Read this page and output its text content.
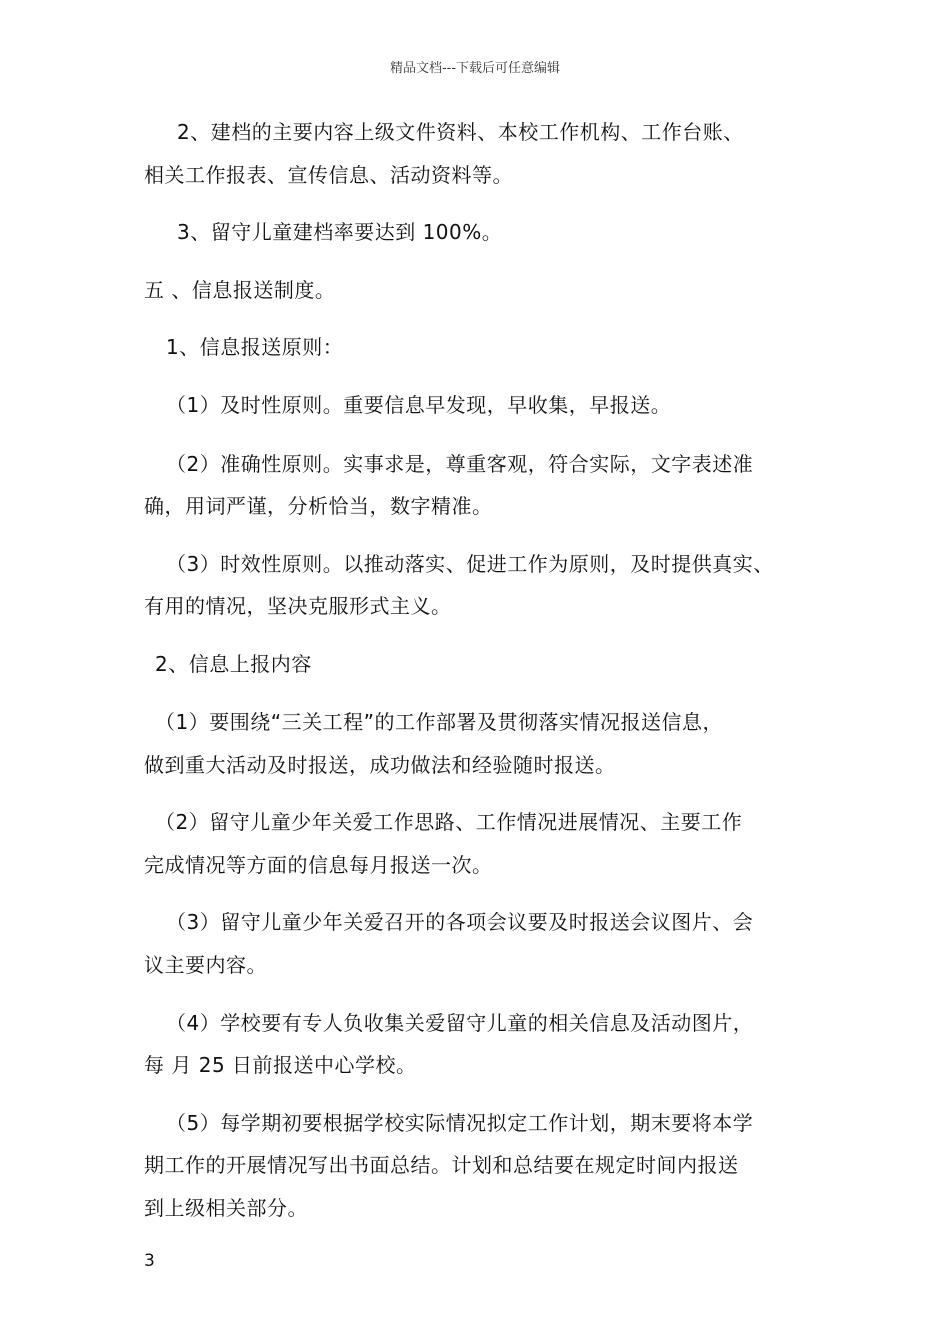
精品文档---下载后可任意编辑
2、建档的主要内容上级文件资料、本校工作机构、工作台账、
相关工作报表、宣传信息、活动资料等。
3、留守儿童建档率要达到 100%。
五 、信息报送制度。
1、信息报送原则：
（1）及时性原则。重要信息早发现，早收集，早报送。
（2）准确性原则。实事求是，尊重客观，符合实际，文字表述准
确，用词严谨，分析恰当，数字精准。
（3）时效性原则。以推动落实、促进工作为原则，及时提供真实、
有用的情况，坚决克服形式主义。
2、信息上报内容
（1）要围绕“三关工程”的工作部署及贯彻落实情况报送信息，
做到重大活动及时报送，成功做法和经验随时报送。
（2）留守儿童少年关爱工作思路、工作情况进展情况、主要工作
完成情况等方面的信息每月报送一次。
（3）留守儿童少年关爱召开的各项会议要及时报送会议图片、会
议主要内容。
（4）学校要有专人负收集关爱留守儿童的相关信息及活动图片，
每 月 25 日前报送中心学校。
（5）每学期初要根据学校实际情况拟定工作计划，期末要将本学
期工作的开展情况写出书面总结。计划和总结要在规定时间内报送
到上级相关部分。
3
